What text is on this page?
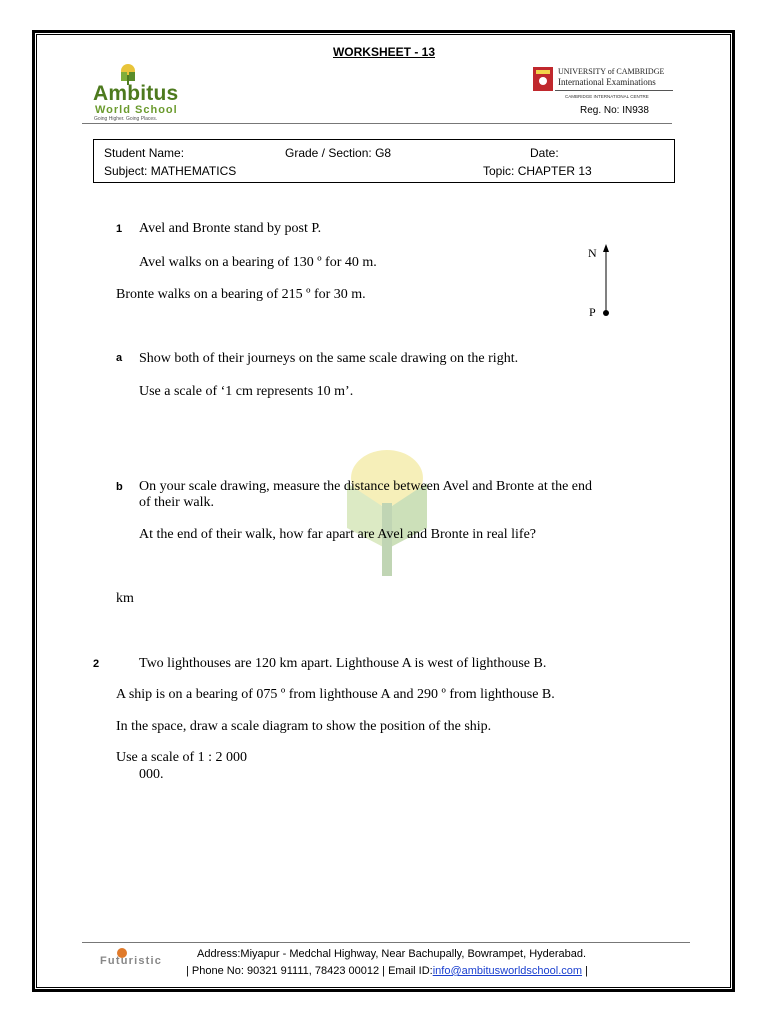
WORKSHEET - 13
Ambitus
World School
Going Higher. Going Places.
UNIVERSITY of CAMBRIDGE
International Examinations
CAMBRIDGE INTERNATIONAL CENTRE
Reg. No: IN938
Student Name:	Grade / Section: G8	Date:
Subject: MATHEMATICS	Topic: CHAPTER 13
1 Avel and Bronte stand by post P.
Avel walks on a bearing of 130 º for 40 m.
Bronte walks on a bearing of 215 º for 30 m.
N
P
a Show both of their journeys on the same scale drawing on the right.
Use a scale of ‘1 cm represents 10 m’.
b On your scale drawing, measure the distance between Avel and Bronte at the end
of their walk.
At the end of their walk, how far apart are Avel and Bronte in real life?
km
2	Two lighthouses are 120 km apart. Lighthouse A is west of lighthouse B.
A ship is on a bearing of 075 º from lighthouse A and 290 º from lighthouse B.
In the space, draw a scale diagram to show the position of the ship.
Use a scale of 1 : 2 000
000.
Futuristic
Address:Miyapur - Medchal Highway, Near Bachupally, Bowrampet, Hyderabad.
| Phone No: 90321 91111, 78423 00012 | Email ID:info@ambitusworldschool.com |
